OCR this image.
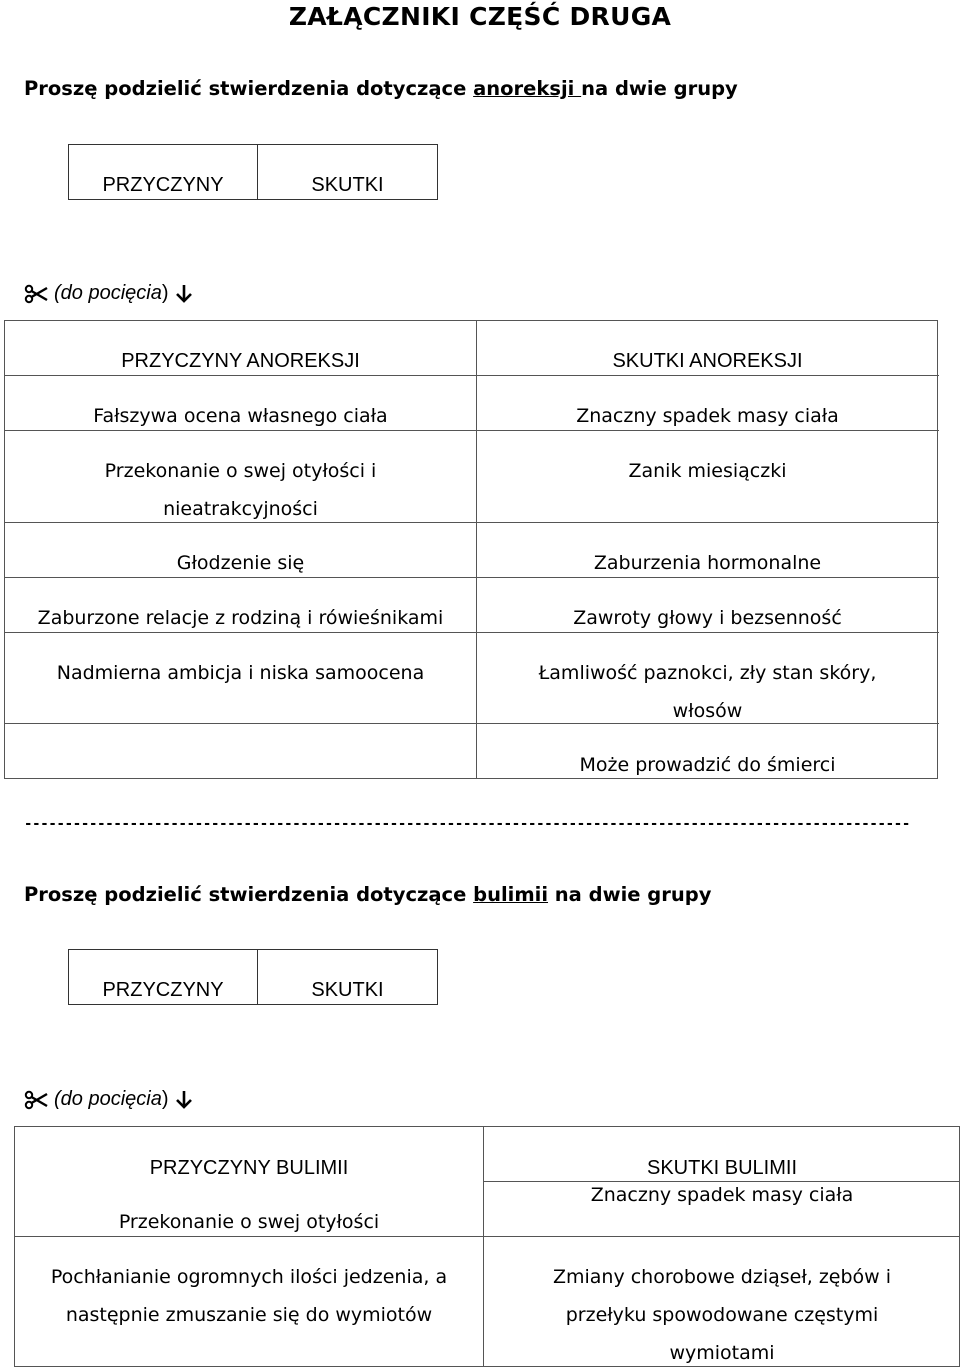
ZAŁĄCZNIKI CZĘŚĆ DRUGA
Proszę podzielić stwierdzenia dotyczące anoreksji na dwie grupy
PRZYCZYNY	SKUTKI
(do pocięcia)
PRZYCZYNY ANOREKSJI
Fałszywa ocena własnego ciała
Przekonanie o swej otyłości i
nieatrakcyjności
Głodzenie się
Zaburzone relacje z rodziną i rówieśnikami
Nadmierna ambicja i niska samoocena
SKUTKI ANOREKSJI
Znaczny spadek masy ciała
Zanik miesiączki
Zaburzenia hormonalne
Zawroty głowy i bezsenność
Łamliwość paznokci, zły stan skóry,
włosów
Może prowadzić do śmierci
-------------------------------------------------------------------------------------------------------------
Proszę podzielić stwierdzenia dotyczące bulimii na dwie grupy
PRZYCZYNY	SKUTKI
(do pocięcia)
PRZYCZYNY BULIMII
Przekonanie o swej otyłości
Pochłanianie ogromnych ilości jedzenia, a
następnie zmuszanie się do wymiotów
SKUTKI BULIMII
Znaczny spadek masy ciała
Zmiany chorobowe dziąseł, zębów i
przełyku spowodowane częstymi
wymiotami
